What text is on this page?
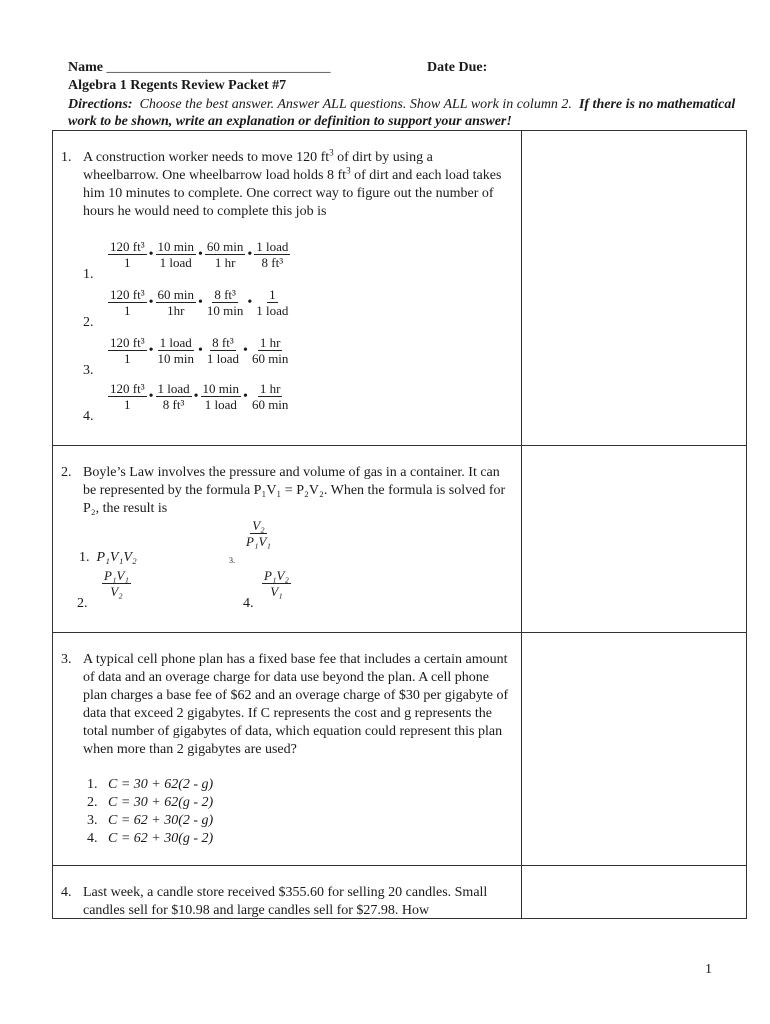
Name ________________________________	Date Due:
Algebra 1 Regents Review Packet #7
Directions: Choose the best answer. Answer ALL questions. Show ALL work in column 2. If there is no mathematical work to be shown, write an explanation or definition to support your answer!
1. A construction worker needs to move 120 $ft^3$ of dirt by using a wheelbarrow. One wheelbarrow load holds 8 $ft^3$ of dirt and each load takes him 10 minutes to complete. One correct way to figure out the number of hours he would need to complete this job is
$\frac{\text{120 ft³}}{1}$ • $\frac{10 \min}{\text{1 load}}$ • $\frac{60 \min}{1 hr}$ • $\frac{\text{1 load}}{\text{8 ft³}}$
1.
$\frac{\text{120 ft³}}{1}$ • $\frac{60 \min}{1hr}$ • $\frac{\text{8 ft³}}{10 \min}$ • $\frac{1}{\text{1 load}}$
2.
$\frac{\text{120 ft³}}{1}$ • $\frac{\text{1 load}}{10 \min}$ • $\frac{\text{8 ft³}}{\text{1 load}}$ • $\frac{1 hr}{60 \min}$
3.
$\frac{\text{120 ft³}}{1}$ • $\frac{\text{1 load}}{\text{8 ft³}}$ • $\frac{10 \min}{\text{1 load}}$ • $\frac{1 hr}{60 \min}$
4.
2. Boyle’s Law involves the pressure and volume of gas in a container. It can be represented by the formula P₁V₁ = P₂V₂. When the formula is solved for P₂, the result is
1. P₁V₁V₂
2.
$\frac{\text{P₁V₁}}{\text{V₂}}$
3.
$\frac{\text{V₂}}{\text{P₁V₁}}$
4.
$\frac{\text{P₁V₂}}{\text{V₁}}$
3. A typical cell phone plan has a fixed base fee that includes a certain amount of data and an overage charge for data use beyond the plan. A cell phone plan charges a base fee of $62 and an overage charge of $30 per gigabyte of data that exceed 2 gigabytes. If C represents the cost and g represents the total number of gigabytes of data, which equation could represent this plan when more than 2 gigabytes are used?
1. C = 30 + 62(2 - g)
2. C = 30 + 62(g - 2)
3. C = 62 + 30(2 - g)
4. C = 62 + 30(g - 2)
4. Last week, a candle store received $355.60 for selling 20 candles. Small candles sell for $10.98 and large candles sell for $27.98. How
1
